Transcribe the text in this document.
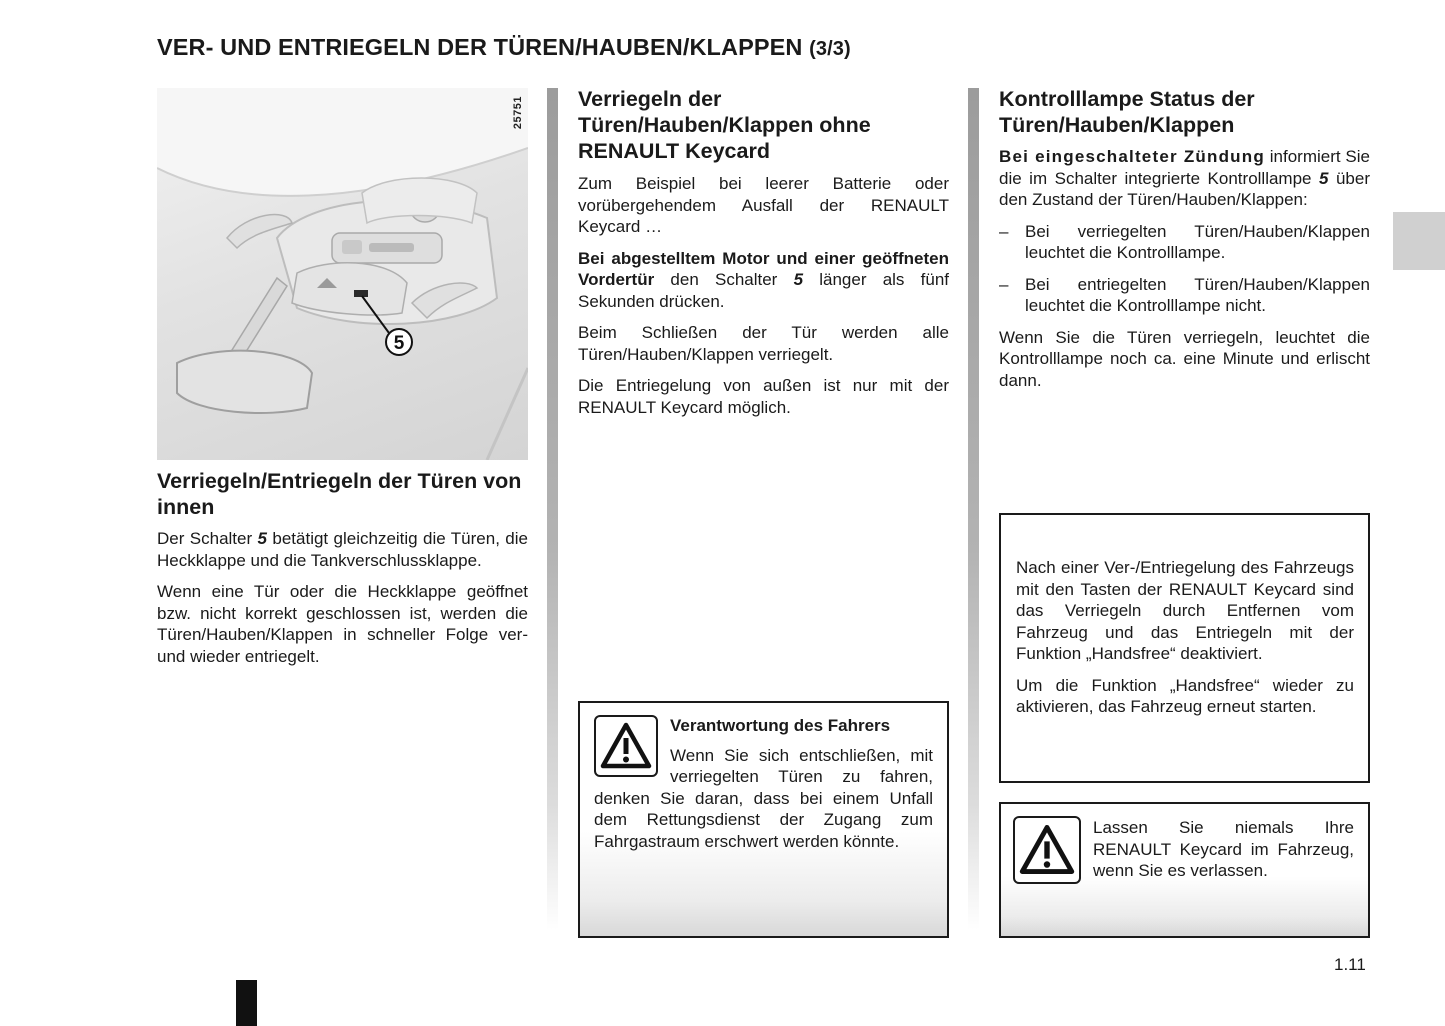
VER- UND ENTRIEGELN DER TÜREN/HAUBEN/KLAPPEN (3/3)
5
25751
Verriegeln/Entriegeln der Türen von innen

Der Schalter 5 betätigt gleichzeitig die Türen, die Heckklappe und die Tankverschlussklappe.

Wenn eine Tür oder die Heckklappe geöffnet bzw. nicht korrekt geschlossen ist, werden die Türen/Hauben/Klappen in schneller Folge ver- und wieder entriegelt.

Verriegeln der Türen/Hauben/Klappen ohne RENAULT Keycard

Zum Beispiel bei leerer Batterie oder vorübergehendem Ausfall der RENAULT Keycard …

Bei abgestelltem Motor und einer geöffneten Vordertür den Schalter 5 länger als fünf Sekunden drücken.

Beim Schließen der Tür werden alle Türen/Hauben/Klappen verriegelt.

Die Entriegelung von außen ist nur mit der RENAULT Keycard möglich.

Verantwortung des Fahrers

Wenn Sie sich entschließen, mit verriegelten Türen zu fahren, denken Sie daran, dass bei einem Unfall dem Rettungsdienst der Zugang zum Fahrgastraum erschwert werden könnte.

Kontrolllampe Status der Türen/Hauben/Klappen

Bei eingeschalteter Zündung informiert Sie die im Schalter integrierte Kontrolllampe 5 über den Zustand der Türen/Hauben/Klappen:

– Bei verriegelten Türen/Hauben/Klappen leuchtet die Kontrolllampe.
– Bei entriegelten Türen/Hauben/Klappen leuchtet die Kontrolllampe nicht.

Wenn Sie die Türen verriegeln, leuchtet die Kontrolllampe noch ca. eine Minute und erlischt dann.

Nach einer Ver-/Entriegelung des Fahrzeugs mit den Tasten der RENAULT Keycard sind das Verriegeln durch Entfernen vom Fahrzeug und das Entriegeln mit der Funktion „Handsfree“ deaktiviert.

Um die Funktion „Handsfree“ wieder zu aktivieren, das Fahrzeug erneut starten.

Lassen Sie niemals Ihre RENAULT Keycard im Fahrzeug, wenn Sie es verlassen.

1.11
